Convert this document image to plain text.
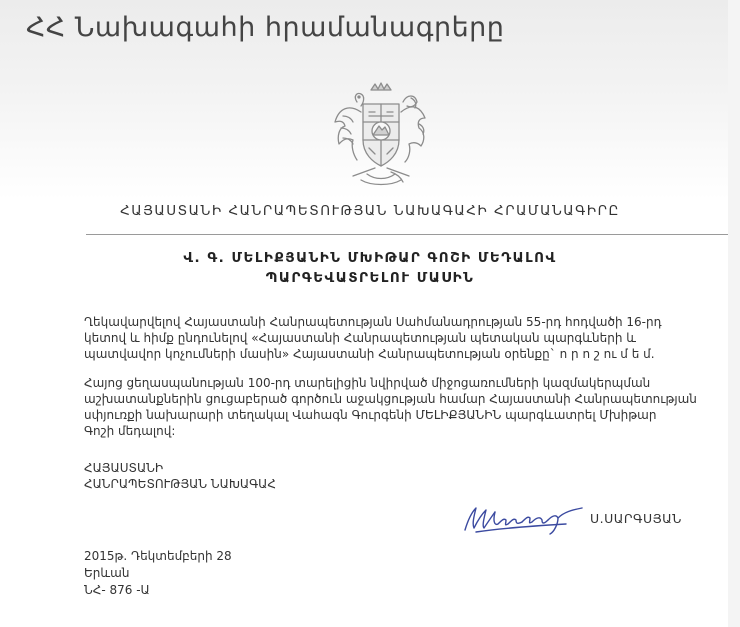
ՀՀ Նախագահի հրամանագրերը
ՀԱՅԱՍՏԱՆԻ ՀԱՆՐԱՊԵՏՈՒԹՅԱՆ ՆԱԽԱԳԱՀԻ ՀՐԱՄԱՆԱԳԻՐԸ
Վ. Գ. ՄԵԼԻՔՅԱՆԻՆ ՄԽԻԹԱՐ ԳՈՇԻ ՄԵԴԱԼՈՎ
ՊԱՐԳԵՎԱՏՐԵԼՈՒ ՄԱՍԻՆ

Ղեկավարվելով Հայաստանի Հանրապետության Սահմանադրության 55-րդ հոդվածի 16-րդ
կետով և հիմք ընդունելով «Հայաստանի Հանրապետության պետական պարգևների և
պատվավոր կոչումների մասին» Հայաստանի Հանրապետության օրենքը` ո ր ո շ ու մ ե մ.

Հայոց ցեղասպանության 100-րդ տարելիցին նվիրված միջոցառումների կազմակերպման
աշխատանքներին ցուցաբերած գործուն աջակցության համար Հայաստանի Հանրապետության
սփյուռքի նախարարի տեղակալ Վահագն Գուրգենի ՄԵԼԻՔՅԱՆԻՆ պարգևատրել Մխիթար
Գոշի մեդալով:

ՀԱՅԱՍՏԱՆԻ
ՀԱՆՐԱՊԵՏՈՒԹՅԱՆ ՆԱԽԱԳԱՀ
Ս.ՍԱՐԳՍՅԱՆ
2015թ. Դեկտեմբերի 28
Երևան
ՆՀ- 876 -Ա
